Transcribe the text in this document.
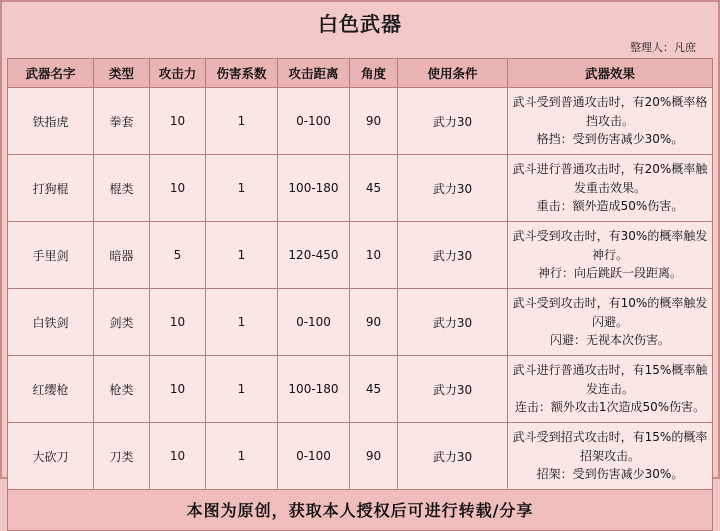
白色武器
整理人：凡庶
武器名字	类型	攻击力	伤害系数	攻击距离	角度	使用条件	武器效果
铁指虎	拳套	10	1	0-100	90	武力30	武斗受到普通攻击时，有20%概率格
挡攻击。
格挡：受到伤害减少30%。

打狗棍	棍类	10	1	100-180	45	武力30	武斗进行普通攻击时，有20%概率触
发重击效果。
重击：额外造成50%伤害。

手里剑	暗器	5	1	120-450	10	武力30	武斗受到攻击时，有30%的概率触发
神行。
神行：向后跳跃一段距离。

白铁剑	剑类	10	1	0-100	90	武力30	武斗受到攻击时，有10%的概率触发
闪避。
闪避：无视本次伤害。

红缨枪	枪类	10	1	100-180	45	武力30	武斗进行普通攻击时，有15%概率触
发连击。
连击：额外攻击1次造成50%伤害。

大砍刀	刀类	10	1	0-100	90	武力30	武斗受到招式攻击时，有15%的概率
招架攻击。
招架：受到伤害减少30%。
本图为原创，获取本人授权后可进行转载/分享
